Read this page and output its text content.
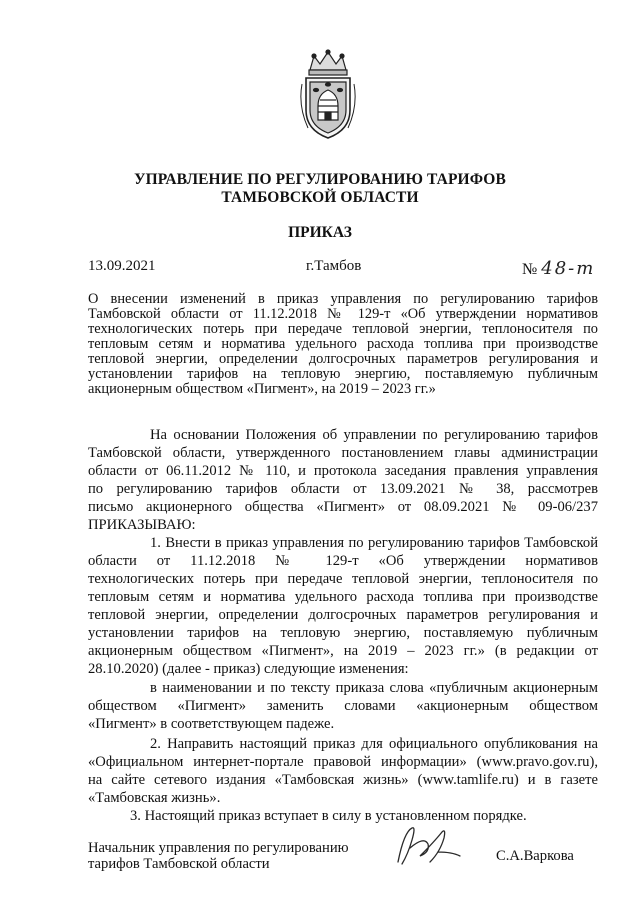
УПРАВЛЕНИЕ ПО РЕГУЛИРОВАНИЮ ТАРИФОВ
ТАМБОВСКОЙ ОБЛАСТИ
ПРИКАЗ
13.09.2021	г.Тамбов	№ 48-т
О внесении изменений в приказ управления по регулированию тарифов
Тамбовской области от 11.12.2018 № 129-т «Об утверждении нормативов
технологических потерь при передаче тепловой энергии, теплоносителя по
тепловым сетям и норматива удельного расхода топлива при производстве
тепловой энергии, определении долгосрочных параметров регулирования и
установлении тарифов на тепловую энергию, поставляемую публичным
акционерным обществом «Пигмент», на 2019 – 2023 гг.»
На основании Положения об управлении по регулированию тарифов
Тамбовской области, утвержденного постановлением главы администрации
области от 06.11.2012 № 110, и протокола заседания правления управления
по регулированию тарифов области от 13.09.2021 № 38, рассмотрев
письмо акционерного общества «Пигмент» от 08.09.2021 № 09-06/237
ПРИКАЗЫВАЮ:
1. Внести в приказ управления по регулированию тарифов Тамбовской
области от 11.12.2018 № 129-т «Об утверждении нормативов
технологических потерь при передаче тепловой энергии, теплоносителя по
тепловым сетям и норматива удельного расхода топлива при производстве
тепловой энергии, определении долгосрочных параметров регулирования и
установлении тарифов на тепловую энергию, поставляемую публичным
акционерным обществом «Пигмент», на 2019 – 2023 гг.» (в редакции от
28.10.2020) (далее - приказ) следующие изменения:
в наименовании и по тексту приказа слова «публичным акционерным
обществом «Пигмент» заменить словами «акционерным обществом
«Пигмент» в соответствующем падеже.
2. Направить настоящий приказ для официального опубликования на
«Официальном интернет-портале правовой информации» (www.pravo.gov.ru),
на сайте сетевого издания «Тамбовская жизнь» (www.tamlife.ru) и в газете
«Тамбовская жизнь».
Начальник управления по регулированию
тарифов Тамбовской области	С.А.Варкова
3. Настоящий приказ вступает в силу в установленном порядке.
